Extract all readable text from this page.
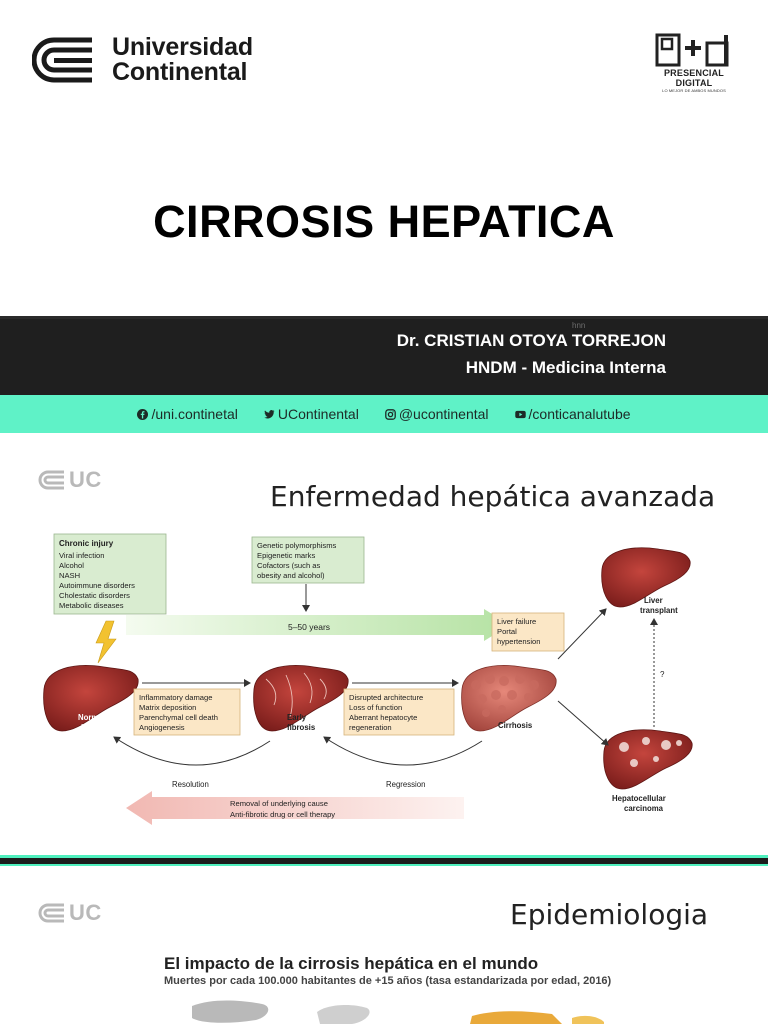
Universidad
Continental	PRESENCIAL DIGITAL
LO MEJOR DE AMBOS MUNDOS
CIRROSIS HEPATICA
hnn
Dr. CRISTIAN OTOYA TORREJON
HNDM - Medicina Interna
/uni.continetal	UContinental	@ucontinental	/conticanalutube
UC
Enfermedad hepática avanzada
5–50 years
Chronic injury
Viral infection
Alcohol
NASH
Autoimmune disorders
Cholestatic disorders
Metabolic diseases
Genetic polymorphisms
Epigenetic marks
Cofactors (such as
obesity and alcohol)
Liver failure
Portal
hypertension
Normal
liver
Early
fibrosis	Cirrhosis
Inflammatory damage
Matrix deposition
Parenchymal cell death
Angiogenesis
Disrupted architecture
Loss of function
Aberrant hepatocyte
regeneration
Liver
transplant
Hepatocellular
carcinoma
?
Resolution	Regression
Removal of underlying cause
Anti-fibrotic drug or cell therapy
UC	Epidemiologia
El impacto de la cirrosis hepática en el mundo
Muertes por cada 100.000 habitantes de +15 años (tasa estandarizada por edad, 2016)
